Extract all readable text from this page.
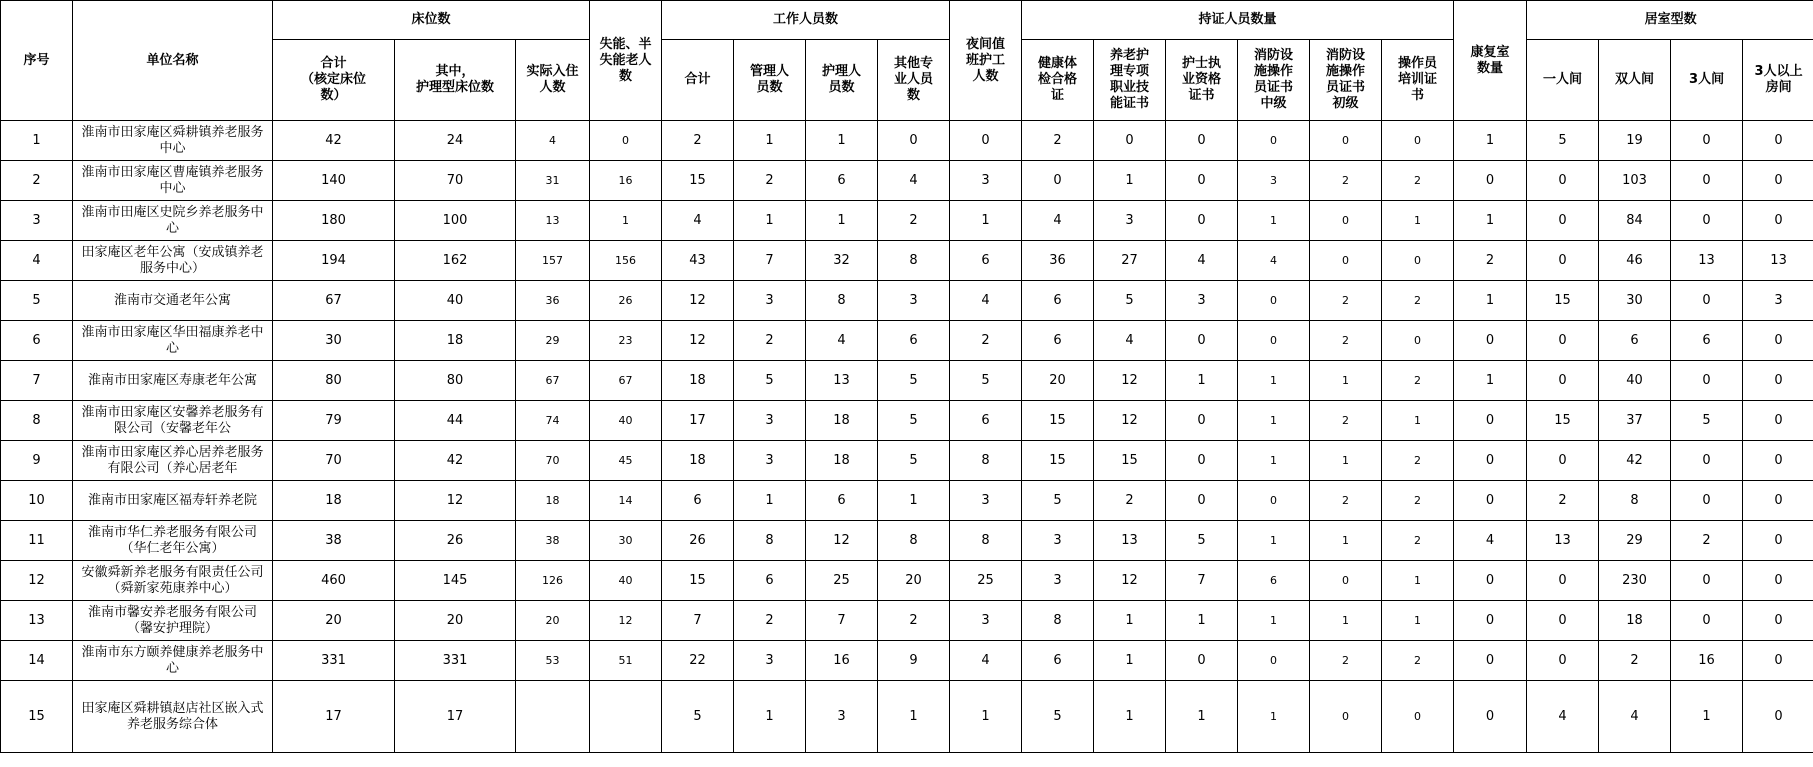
序号	单位名称	床位数			失能、半
失能老人
数	工作人员数				夜间值
班护工
人数	持证人员数量						康复室
数量	居室型数			
		合计
（核定床位
数）	其中，
护理型床位数	实际入住
人数		合计	管理人
员数	护理人
员数	其他专
业人员
数		健康体
检合格
证	养老护
理专项
职业技
能证书	护士执
业资格
证书	消防设
施操作
员证书
中级	消防设
施操作
员证书
初级	操作员
培训证
书		一人间	双人间	3人间	3人以上
房间
1	淮南市田家庵区舜耕镇养老服务中心	42	24	4	0	2	1	1	0	0	2	0	0	0	0	0	1	5	19	0	0
2	淮南市田家庵区曹庵镇养老服务中心	140	70	31	16	15	2	6	4	3	0	1	0	3	2	2	0	0	103	0	0
3	淮南市田庵区史院乡养老服务中心	180	100	13	1	4	1	1	2	1	4	3	0	1	0	1	1	0	84	0	0
4	田家庵区老年公寓（安成镇养老服务中心）	194	162	157	156	43	7	32	8	6	36	27	4	4	0	0	2	0	46	13	13
5	淮南市交通老年公寓	67	40	36	26	12	3	8	3	4	6	5	3	0	2	2	1	15	30	0	3
6	淮南市田家庵区华田福康养老中心	30	18	29	23	12	2	4	6	2	6	4	0	0	2	0	0	0	6	6	0
7	淮南市田家庵区寿康老年公寓	80	80	67	67	18	5	13	5	5	20	12	1	1	1	2	1	0	40	0	0
8	淮南市田家庵区安馨养老服务有限公司（安馨老年公	79	44	74	40	17	3	18	5	6	15	12	0	1	2	1	0	15	37	5	0
9	淮南市田家庵区养心居养老服务有限公司（养心居老年	70	42	70	45	18	3	18	5	8	15	15	0	1	1	2	0	0	42	0	0
10	淮南市田家庵区福寿轩养老院	18	12	18	14	6	1	6	1	3	5	2	0	0	2	2	0	2	8	0	0
11	淮南市华仁养老服务有限公司（华仁老年公寓）	38	26	38	30	26	8	12	8	8	3	13	5	1	1	2	4	13	29	2	0
12	安徽舜新养老服务有限责任公司（舜新家苑康养中心）	460	145	126	40	15	6	25	20	25	3	12	7	6	0	1	0	0	230	0	0
13	淮南市馨安养老服务有限公司（馨安护理院）	20	20	20	12	7	2	7	2	3	8	1	1	1	1	1	0	0	18	0	0
14	淮南市东方颐养健康养老服务中心	331	331	53	51	22	3	16	9	4	6	1	0	0	2	2	0	0	2	16	0
15	田家庵区舜耕镇赵店社区嵌入式养老服务综合体	17	17			5	1	3	1	1	5	1	1	1	0	0	0	4	4	1	0
